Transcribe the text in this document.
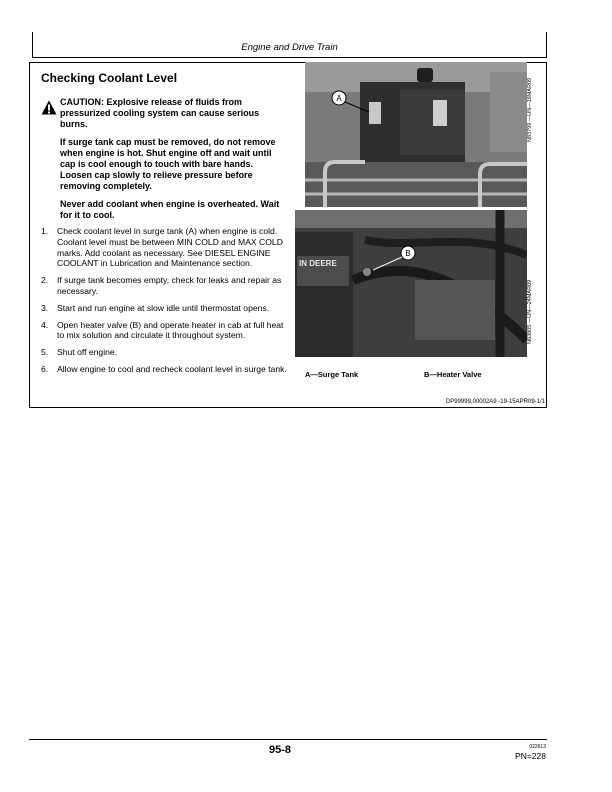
Engine and Drive Train
Checking Coolant Level

CAUTION: Explosive release of fluids from pressurized cooling system can cause serious burns.

If surge tank cap must be removed, do not remove when engine is hot. Shut engine off and wait until cap is cool enough to touch with bare hands. Loosen cap slowly to relieve pressure before removing completely.

Never add coolant when engine is overheated. Wait for it to cool.

1.	Check coolant level in surge tank (A) when engine is cold. Coolant level must be between MIN COLD and MAX COLD marks. Add coolant as necessary. See DIESEL ENGINE COOLANT in Lubrication and Maintenance section.
2.	If surge tank becomes empty, check for leaks and repair as necessary.
3.	Start and run engine at slow idle until thermostat opens.
4.	Open heater valve (B) and operate heater in cab at full heat to mix solution and circulate it throughout system.
5.	Shut off engine.
6.	Allow engine to cool and recheck coolant level in surge tank.
A	N83799 —UN—18MAR09
IN DEERE
B
N83805 —UN—24MAR09
A—Surge Tank	B—Heater Valve
DP99999,00002A9 -19-15APR09-1/1
95-8	022613
PN=228
